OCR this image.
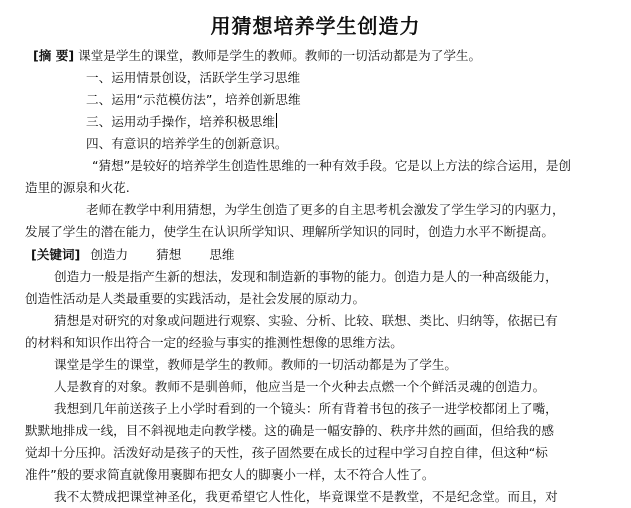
用猜想培养学生创造力
[摘 要] 课堂是学生的课堂，教师是学生的教师。教师的一切活动都是为了学生。
一、运用情景创设，活跃学生学习思维
二、运用“示范模仿法”，培养创新思维
三、运用动手操作，培养积极思维
四、有意识的培养学生的创新意识。
“猜想”是较好的培养学生创造性思维的一种有效手段。它是以上方法的综合运用，是创
造里的源泉和火花.
老师在教学中利用猜想，为学生创造了更多的自主思考机会激发了学生学习的内驱力，
发展了学生的潜在能力，使学生在认识所学知识、理解所学知识的同时，创造力水平不断提高。
[关键词] 创造力 猜想 思维
创造力一般是指产生新的想法，发现和制造新的事物的能力。创造力是人的一种高级能力，
创造性活动是人类最重要的实践活动，是社会发展的原动力。
猜想是对研究的对象或问题进行观察、实验、分析、比较、联想、类比、归纳等，依据已有
的材料和知识作出符合一定的经验与事实的推测性想像的思维方法。
课堂是学生的课堂，教师是学生的教师。教师的一切活动都是为了学生。
人是教育的对象。教师不是驯兽师，他应当是一个火种去点燃一个个鲜活灵魂的创造力。
我想到几年前送孩子上小学时看到的一个镜头：所有背着书包的孩子一进学校都闭上了嘴，
默默地排成一线，目不斜视地走向教学楼。这的确是一幅安静的、秩序井然的画面，但给我的感
觉却十分压抑。活泼好动是孩子的天性，孩子固然要在成长的过程中学习自控自律，但这种“标
准件”般的要求简直就像用裹脚布把女人的脚裹小一样，太不符合人性了。
我不太赞成把课堂神圣化，我更希望它人性化，毕竟课堂不是教堂，不是纪念堂。而且，对
